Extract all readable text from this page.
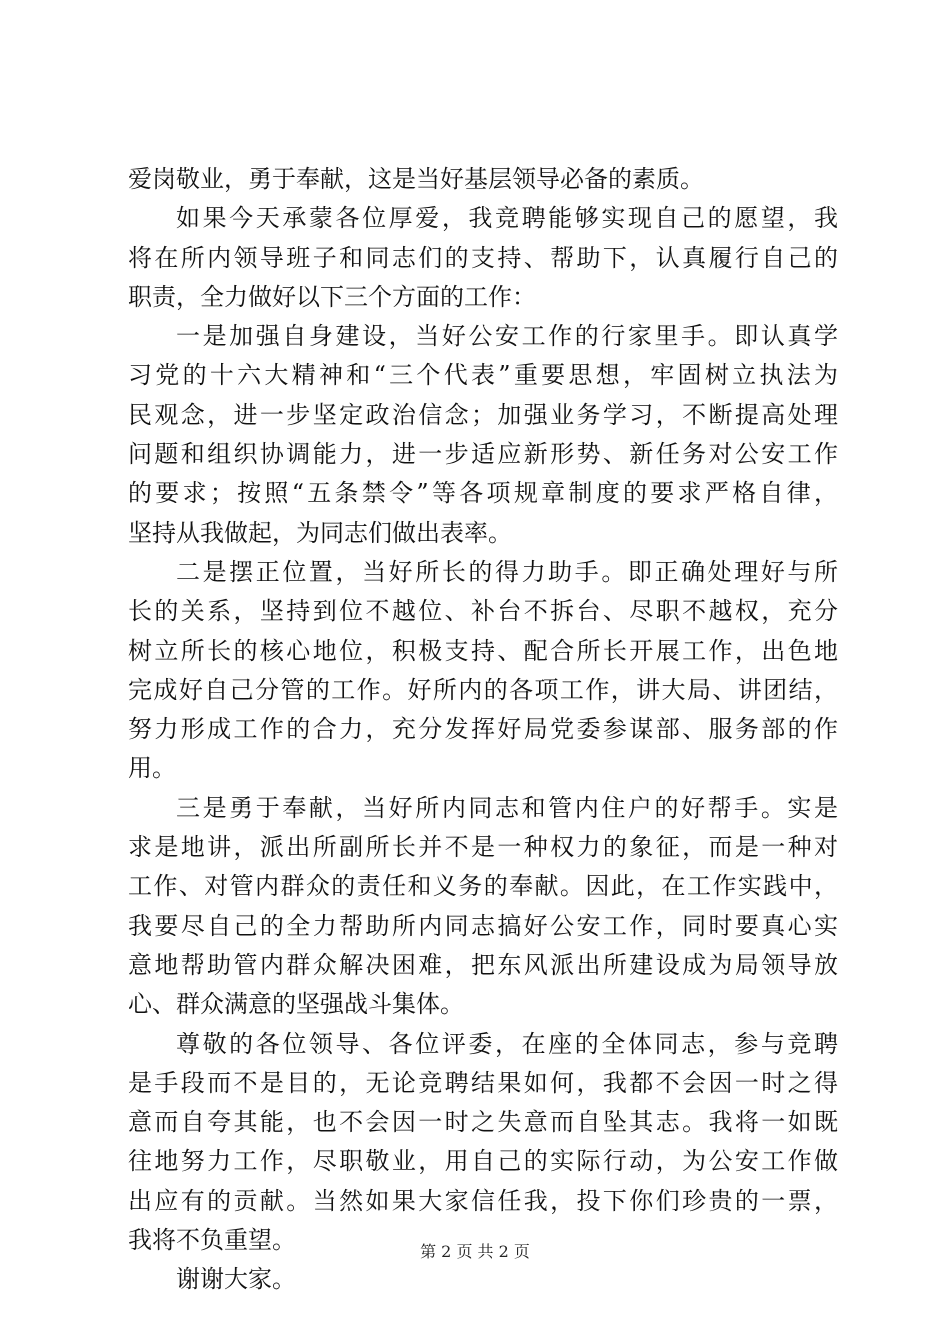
爱岗敬业，勇于奉献，这是当好基层领导必备的素质。
如果今天承蒙各位厚爱，我竞聘能够实现自己的愿望，我
将在所内领导班子和同志们的支持、帮助下，认真履行自己的
职责，全力做好以下三个方面的工作：
一是加强自身建设，当好公安工作的行家里手。即认真学
习党的十六大精神和“三个代表”重要思想，牢固树立执法为
民观念，进一步坚定政治信念；加强业务学习，不断提高处理
问题和组织协调能力，进一步适应新形势、新任务对公安工作
的要求；按照“五条禁令”等各项规章制度的要求严格自律，
坚持从我做起，为同志们做出表率。
二是摆正位置，当好所长的得力助手。即正确处理好与所
长的关系，坚持到位不越位、补台不拆台、尽职不越权，充分
树立所长的核心地位，积极支持、配合所长开展工作，出色地
完成好自己分管的工作。好所内的各项工作，讲大局、讲团结，
努力形成工作的合力，充分发挥好局党委参谋部、服务部的作
用。
三是勇于奉献，当好所内同志和管内住户的好帮手。实是
求是地讲，派出所副所长并不是一种权力的象征，而是一种对
工作、对管内群众的责任和义务的奉献。因此，在工作实践中，
我要尽自己的全力帮助所内同志搞好公安工作，同时要真心实
意地帮助管内群众解决困难，把东风派出所建设成为局领导放
心、群众满意的坚强战斗集体。
尊敬的各位领导、各位评委，在座的全体同志，参与竞聘
是手段而不是目的，无论竞聘结果如何，我都不会因一时之得
意而自夸其能，也不会因一时之失意而自坠其志。我将一如既
往地努力工作，尽职敬业，用自己的实际行动，为公安工作做
出应有的贡献。当然如果大家信任我，投下你们珍贵的一票，
我将不负重望。
谢谢大家。
第 2 页 共 2 页
